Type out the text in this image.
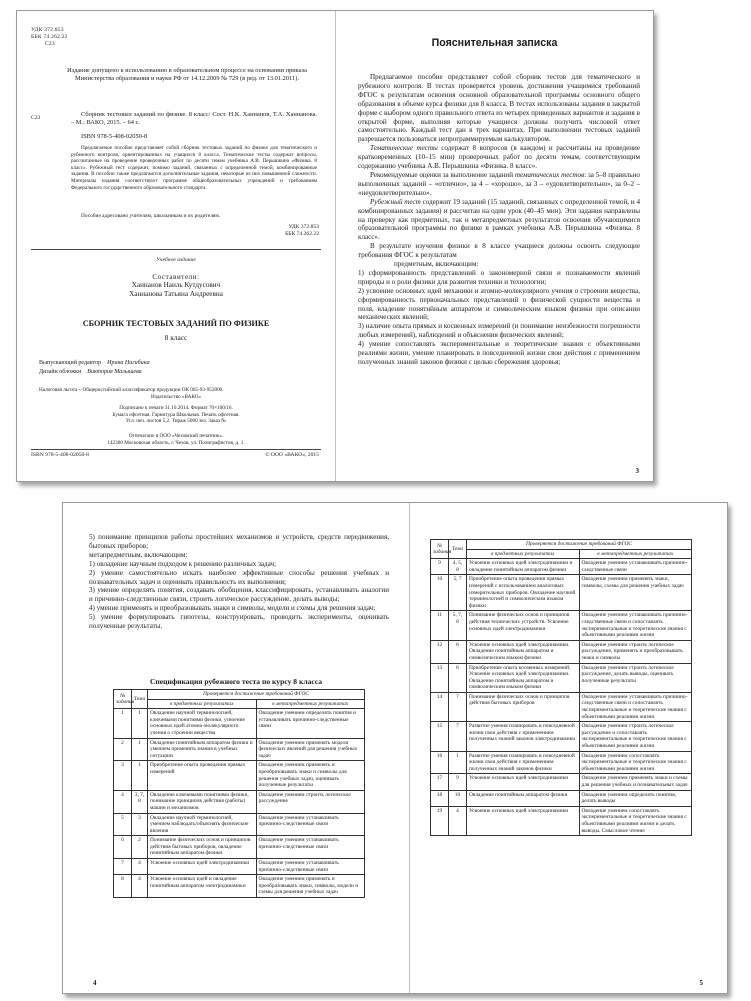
УДК 372.853
ББК 74.262.22
С23
Издание допущено к использованию в образовательном процессе на основании приказа Министерства образования и науки РФ от 14.12.2009 № 729 (в ред. от 13.01.2011).
С23	Сборник тестовых заданий по физике. 8 класс/ Сост. Н.К. Ханнанов, Т.А. Ханнанова. – М.: ВАКО, 2015. – 64 с.
ISBN 978-5-408-02050-8
Предлагаемое пособие представляет собой сборник тестовых заданий по физике для тематического и рубежного контроля, ориентированных на учащихся 8 класса. Тематические тесты содержат вопросы, рассчитанные на проведение проверочных работ по десяти темам учебника А.В. Перышкина «Физика. 8 класс». Рубежный тест содержит, помимо заданий, связанных с определенной темой, комбинированные задания. В пособии также предлагаются дополнительные задания, некоторые из них повышенной сложности. Материалы издания соответствуют программе общеобразовательных учреждений и требованиям Федерального государственного образовательного стандарта.
Пособие адресовано учителям, школьникам и их родителям.
УДК 372.853
ББК 74.262.22
Учебное издание
Составители:
Ханнанов Наиль Кутдусович
Ханнанова Татьяна Андреевна
СБОРНИК ТЕСТОВЫХ ЗАДАНИЙ ПО ФИЗИКЕ
8 класс
Выпускающий редактор Ирина Нагибина
Дизайн обложки Виктория Малышева
Налоговая льгота – Общероссийский классификатор продукции ОК 005-93-953000.
Издательство «ВАКО»
Подписано к печати 31.10.2014. Формат 70×100/16.
Бумага офсетная. Гарнитура Школьная. Печать офсетная.
Усл. печ. листов 5,2. Тираж 5000 экз. Заказ №
Отпечатано в ООО «Чеховский печатник».
142300 Московская область, г. Чехов, ул. Полиграфистов, д. 1.
ISBN 978-5-408-02050-8	© ООО «ВАКО», 2015
Пояснительная записка

Предлагаемое пособие представляет собой сборник тестов для тематического и рубежного контроля. В тестах проверяется уровень достижения учащимися требований ФГОС к результатам освоения основной образовательной программы основного общего образования в объеме курса физики для 8 класса. В тестах использованы задания в закрытой форме с выбором одного правильного ответа из четырех приведенных вариантов и задания в открытой форме, выполняя которые учащиеся должны получить числовой ответ самостоятельно. Каждый тест дан в трех вариантах. При выполнении тестовых заданий разрешается пользоваться непрограммируемым калькулятором.

Тематические тесты содержат 8 вопросов (в каждом) и рассчитаны на проведение кратковременных (10–15 мин) проверочных работ по десяти темам, соответствующим содержанию учебника А.В. Перышкина «Физика. 8 класс».

Рекомендуемые оценки за выполнение заданий тематических тестов: за 5–8 правильно выполненных заданий – «отлично», за 4 – «хорошо», за 3 – «удовлетворительно», за 0–2 – «неудовлетворительно».

Рубежный тест содержит 19 заданий (15 заданий, связанных с определенной темой, и 4 комбинированных задания) и рассчитан на один урок (40–45 мин). Эти задания направлены на проверку как предметных, так и метапредметных результатов освоения обучающимися образовательной программы по физике в рамках учебника А.В. Перышкина «Физика. 8 класс».

В результате изучения физики в 8 классе учащиеся должны освоить следующие требования ФГОС к результатам

предметным, включающим:

1) сформированность представлений о закономерной связи и познаваемости явлений природы и о роли физики для развития техники и технологии;
2) усвоение основных идей механики и атомно-молекулярного учения о строении вещества, сформированность первоначальных представлений о физической сущности вещества и поля, владение понятийным аппаратом и символическим языком физики при описании механических явлений;
3) наличие опыта прямых и косвенных измерений (и понимание неизбежности погрешности любых измерений), наблюдений и объяснения физических явлений;
4) умение сопоставлять экспериментальные и теоретические знания с объективными реалиями жизни, умение планировать в повседневной жизни свои действия с применением полученных знаний законов физики с целью сбережения здоровья;
3
5) понимание принципов работы простейших механизмов и устройств, средств передвижения, бытовых приборов;
метапредметным, включающим:
1) овладение научным подходом к решению различных задач;
2) умение самостоятельно искать наиболее эффективные способы решения учебных и познавательных задач и оценивать правильность их выполнения;
3) умение определять понятия, создавать обобщения, классифицировать, устанавливать аналогии и причинно-следственные связи, строить логическое рассуждение, делать выводы;
4) умение применять и преобразовывать знаки и символы, модели и схемы для решения задач;
5) умение формулировать гипотезы, конструировать, проводить эксперименты, оценивать полученные результаты.
Спецификация рубежного теста по курсу 8 класса
№ задания	Тема	Проверяется достижение требований ФГОС	
		в предметных результатах	в метапредметных результатах
1	1	Овладение научной терминологией, ключевыми понятиями физики, усвоение основных идей атомно-молекулярного учения о строении вещества	Овладение умением определять понятия и устанавливать причинно-следственные связи
2	1	Овладение понятийным аппаратом физики и умением применять знания в учебных ситуациях	Овладение умением применять модели физических явлений для решения учебных задач
3	1	Приобретение опыта проведения прямых измерений	Овладение умением применять и преобразовывать знаки и символы для решения учебных задач, оценивать полученные результаты
4	3, 7, 8	Овладение ключевыми понятиями физики, понимание принципов действия (работы) машин и механизмов	Овладение умением строить логическое рассуждение
5	3	Овладение научной терминологией, умением наблюдать/объяснять физические явления	Овладение умением устанавливать причинно-следственные связи
6	2	Понимание физических основ и принципов действия бытовых приборов, овладение понятийным аппаратом физики	Овладение умением устанавливать причинно-следственные связи
7	4	Усвоение основных идей электродинамики	Овладение умением устанавливать причинно-следственные связи
8	4	Усвоение основных идей и овладение понятийным аппаратом электродинамики	Овладение умением применять и преобразовывать знаки, символы, модели и схемы для решения учебных задач
4
№ задания	Тема	Проверяется достижение требований ФГОС	
		в предметных результатах	в метапредметных результатах
9	4, 5, 8	Усвоение основных идей электродинамики и овладение понятийным аппаратом физики	Овладение умением устанавливать причинно-следственные связи
10	5, 7	Приобретение опыта проведения прямых измерений с использованием аналоговых измерительных приборов. Овладение научной терминологией и символическим языком физики	Овладение умением применять знаки, символы, схемы для решения учебных задач
11	5, 7, 8	Понимание физических основ и принципов действия технических устройств. Усвоение основных идей электродинамики	Овладение умением устанавливать причинно-следственные связи и сопоставлять экспериментальные и теоретические знания с объективными реалиями жизни
12	6	Усвоение основных идей электродинамики. Овладение понятийным аппаратом и символическим языком физики	Овладение умением строить логическое рассуждение, применять и преобразовывать знаки и символы
13	6	Приобретение опыта косвенных измерений. Усвоение основных идей электродинамики. Овладение понятийным аппаратом и символическим языком физики	Овладение умением строить логическое рассуждение, делать выводы, оценивать полученные результаты
14	7	Понимание физических основ и принципов действия бытовых приборов	Овладение умением устанавливать причинно-следственные связи и сопоставлять экспериментальные и теоретические знания с объективными реалиями жизни
15	7	Развитие умения планировать в повседневной жизни свои действия с применением полученных знаний законов электродинамики	Овладение умением строить логическое рассуждение и сопоставлять экспериментальные и теоретические знания с объективными реалиями жизни
16	1	Развитие умения планировать в повседневной жизни свои действия с применением полученных знаний законов физики	Овладение умением сопоставлять экспериментальные и теоретические знания с объективными реалиями жизни
17	9	Усвоение основных идей электродинамики	Овладение умением применять знаки и схемы для решения учебных и познавательных задач
18	10	Овладение понятийным аппаратом физики	Овладение умением определять понятия, делать выводы
19	4	Усвоение основных идей электродинамики	Овладение умением сопоставлять экспериментальные и теоретические знания с объективными реалиями жизни и делать выводы. Смысловое чтение
5
